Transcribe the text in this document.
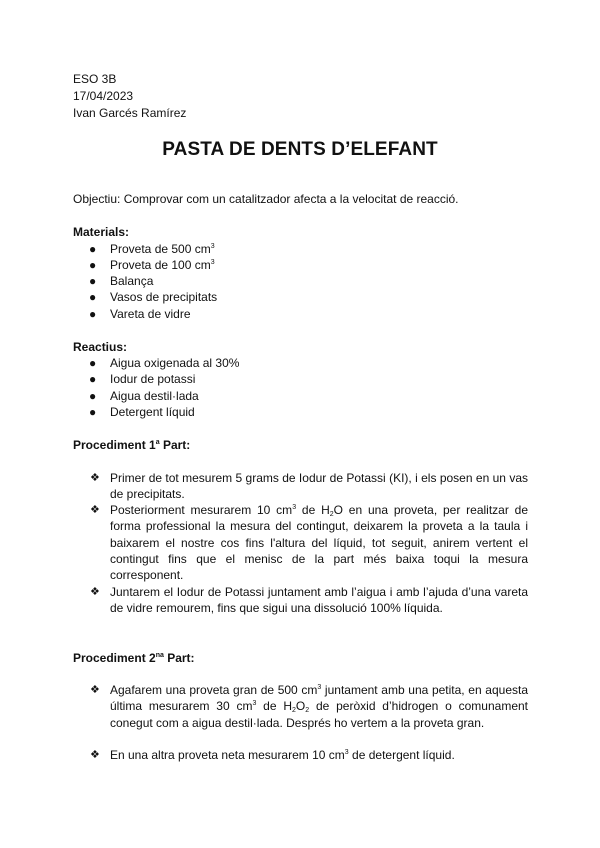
ESO 3B
17/04/2023
Ivan Garcés Ramírez
PASTA DE DENTS D’ELEFANT
Objectiu: Comprovar com un catalitzador afecta a la velocitat de reacció.
Materials:
● Proveta de 500 $cm^3$
● Proveta de 100 $cm^3$
● Balança
● Vasos de precipitats
● Vareta de vidre
Reactius:
● Aigua oxigenada al 30%
● Iodur de potassi
● Aigua destil·lada
● Detergent líquid
Procediment 1$^a$ Part:
❖ Primer de tot mesurem 5 grams de Iodur de Potassi (KI), i els posen en un vas de precipitats.
❖ Posteriorment mesurarem 10 $cm^3$ de $H_2O$ en una proveta, per realitzar de forma professional la mesura del contingut, deixarem la proveta a la taula i baixarem el nostre cos fins l'altura del líquid, tot seguit, anirem vertent el contingut fins que el menisc de la part més baixa toqui la mesura corresponent.
❖ Juntarem el Iodur de Potassi juntament amb l’aigua i amb l’ajuda d’una vareta de vidre remourem, fins que sigui una dissolució 100% líquida.
Procediment $2^{na}$ Part:
❖ Agafarem una proveta gran de 500 $cm^3$ juntament amb una petita, en aquesta última mesurarem 30 $cm^3$ de $H_2O_2$ de peròxid d’hidrogen o comunament conegut com a aigua destil·lada. Després ho vertem a la proveta gran.
❖ En una altra proveta neta mesurarem 10 $cm^3$ de detergent líquid.
